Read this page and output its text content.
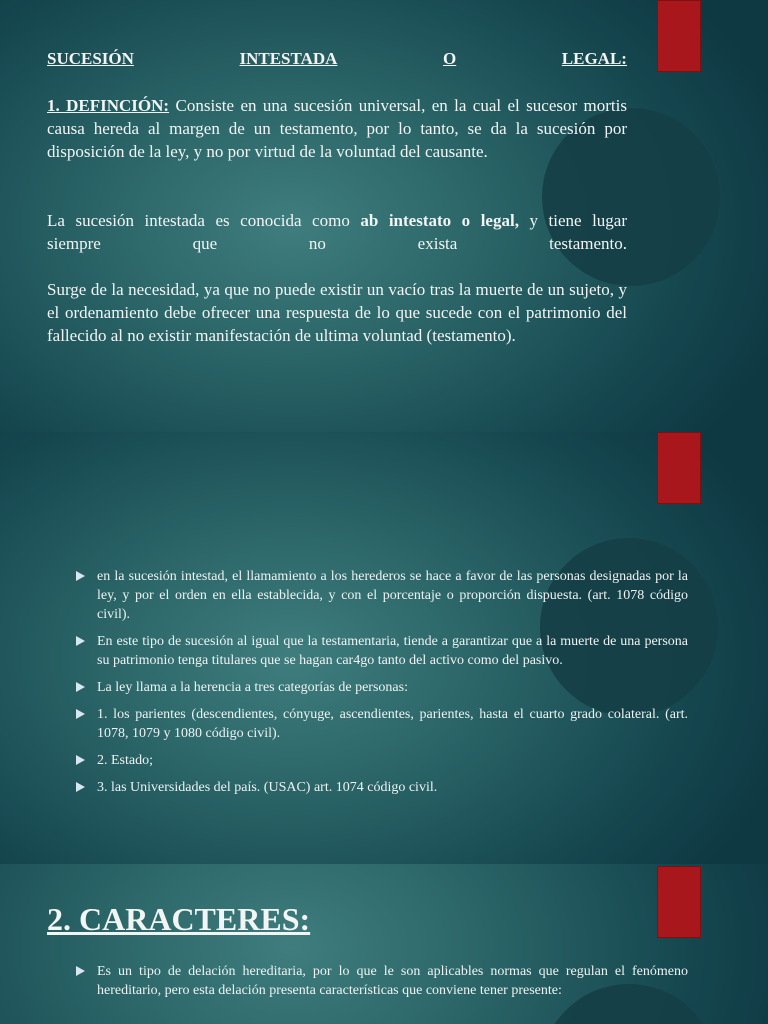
SUCESIÓN	INTESTADA	O	LEGAL:

1. DEFINCIÓN: Consiste en una sucesión universal, en la cual el sucesor mortis causa hereda al margen de un testamento, por lo tanto, se da la sucesión por disposición de la ley, y no por virtud de la voluntad del causante.

La sucesión intestada es conocida como ab intestato o legal, y tiene lugar

siempre	que	no	exista	testamento.

Surge de la necesidad, ya que no puede existir un vacío tras la muerte de un sujeto, y el ordenamiento debe ofrecer una respuesta de lo que sucede con el patrimonio del fallecido al no existir manifestación de ultima voluntad (testamento).

en la sucesión intestad, el llamamiento a los herederos se hace a favor de las personas designadas por la ley, y por el orden en ella establecida, y con el porcentaje o proporción dispuesta. (art. 1078 código civil).
En este tipo de sucesión al igual que la testamentaria, tiende a garantizar que a la muerte de una persona su patrimonio tenga titulares que se hagan car4go tanto del activo como del pasivo.
La ley llama a la herencia a tres categorías de personas:
1. los parientes (descendientes, cónyuge, ascendientes, parientes, hasta el cuarto grado colateral. (art. 1078, 1079 y 1080 código civil).
2. Estado;
3. las Universidades del país. (USAC) art. 1074 código civil.
2. CARACTERES:
Es un tipo de delación hereditaria, por lo que le son aplicables normas que regulan el fenómeno hereditario, pero esta delación presenta características que conviene tener presente:
